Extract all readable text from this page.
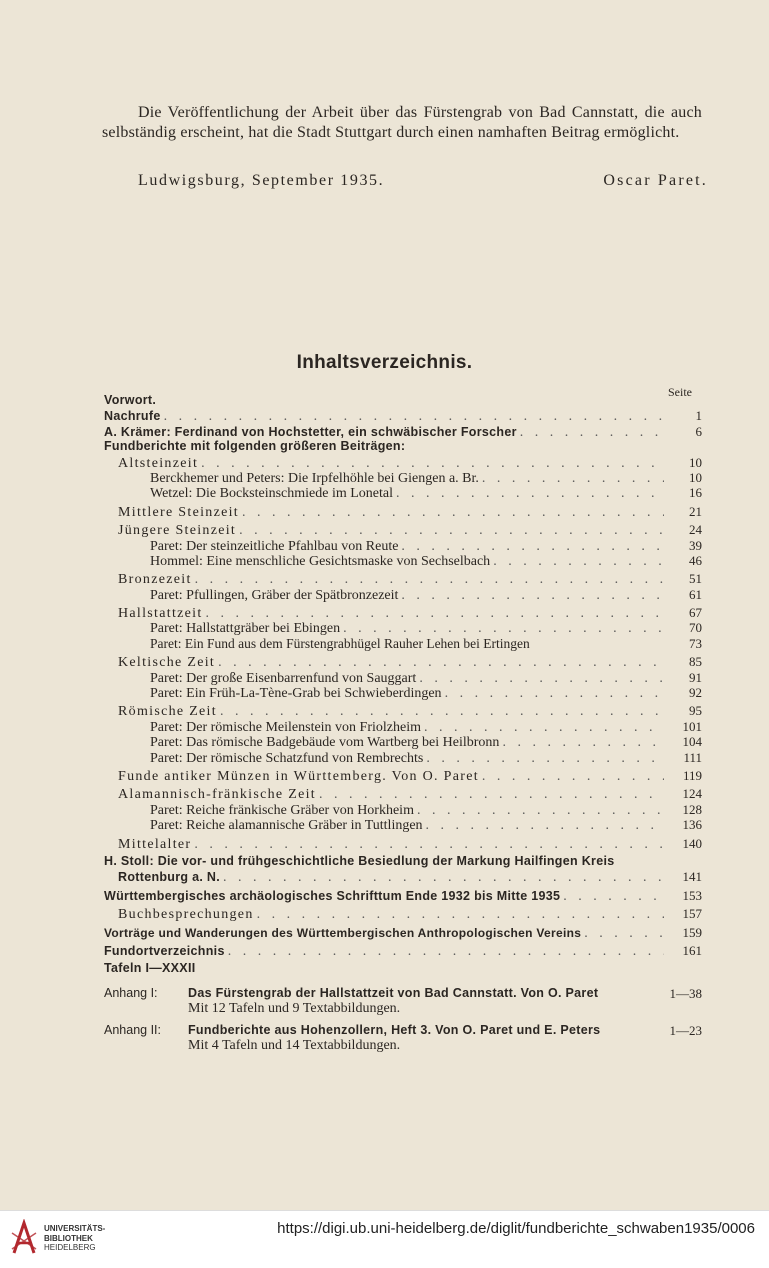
Die Veröffentlichung der Arbeit über das Fürstengrab von Bad Cannstatt, die auch selbständig erscheint, hat die Stadt Stuttgart durch einen namhaften Beitrag ermöglicht.

Ludwigsburg, September 1935.	Oscar Paret.
Inhaltsverzeichnis.
Seite
Vorwort.
Nachrufe . . .	1
A. Krämer: Ferdinand von Hochstetter, ein schwäbischer Forscher . . .	6
Fundberichte mit folgenden größeren Beiträgen:
Altsteinzeit . . .	10
Berckhemer und Peters: Die Irpfelhöhle bei Giengen a. Br. . . .	10
Wetzel: Die Bocksteinschmiede im Lonetal . . .	16
Mittlere Steinzeit . . .	21
Jüngere Steinzeit . . .	24
Paret: Der steinzeitliche Pfahlbau von Reute . . .	39
Hommel: Eine menschliche Gesichtsmaske von Sechselbach . . .	46
Bronzezeit . . .	51
Paret: Pfullingen, Gräber der Spätbronzezeit . . .	61
Hallstattzeit . . .	67
Paret: Hallstattgräber bei Ebingen . . .	70
Paret: Ein Fund aus dem Fürstengrabhügel Rauher Lehen bei Ertingen	73
Keltische Zeit . . .	85
Paret: Der große Eisenbarrenfund von Sauggart . . .	91
Paret: Ein Früh-La-Tène-Grab bei Schwieberdingen . . .	92
Römische Zeit . . .	95
Paret: Der römische Meilenstein von Friolzheim . . .	101
Paret: Das römische Badgebäude vom Wartberg bei Heilbronn . . .	104
Paret: Der römische Schatzfund von Rembrechts . . .	111
Funde antiker Münzen in Württemberg. Von O. Paret . . .	119
Alamannisch-fränkische Zeit . . .	124
Paret: Reiche fränkische Gräber von Horkheim . . .	128
Paret: Reiche alamannische Gräber in Tuttlingen . . .	136
Mittelalter . . .	140
H. Stoll: Die vor- und frühgeschichtliche Besiedlung der Markung Hailfingen Kreis
Rottenburg a. N. . . .	141
Württembergisches archäologisches Schrifttum Ende 1932 bis Mitte 1935 . . .	153
Buchbesprechungen . . .	157
Vorträge und Wanderungen des Württembergischen Anthropologischen Vereins . . .	159
Fundortverzeichnis . . .	161
Tafeln I—XXXII
Anhang I:	Das Fürstengrab der Hallstattzeit von Bad Cannstatt. Von O. Paret
Mit 12 Tafeln und 9 Textabbildungen.
1—38
Anhang II:	Fundberichte aus Hohenzollern, Heft 3. Von O. Paret und E. Peters
Mit 4 Tafeln und 14 Textabbildungen.
1—23
UNIVERSITÄTS-
BIBLIOTHEK
HEIDELBERG
https://digi.ub.uni-heidelberg.de/diglit/fundberichte_schwaben1935/0006
